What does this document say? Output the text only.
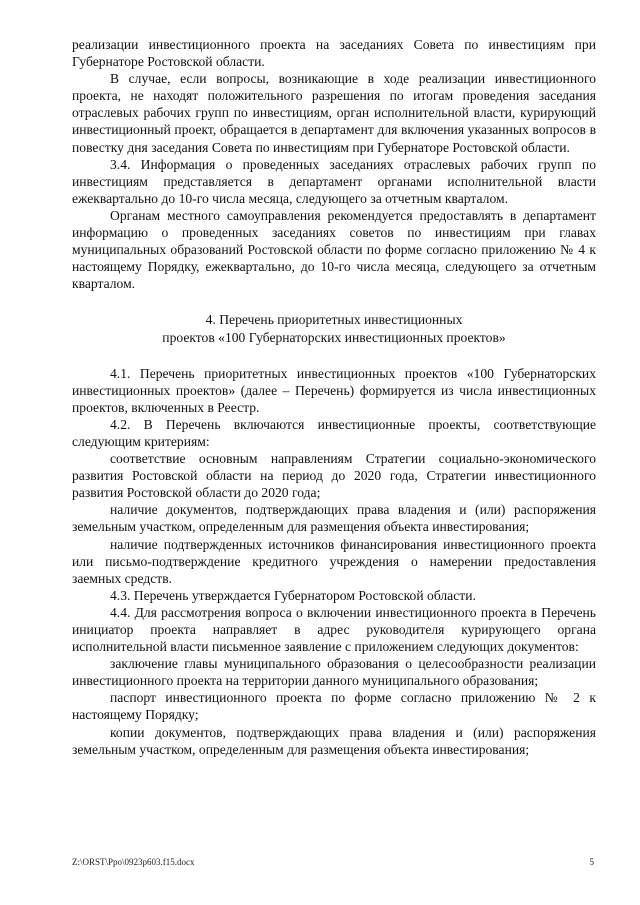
реализации инвестиционного проекта на заседаниях Совета по инвестициям при Губернаторе Ростовской области.

В случае, если вопросы, возникающие в ходе реализации инвестиционного проекта, не находят положительного разрешения по итогам проведения заседания отраслевых рабочих групп по инвестициям, орган исполнительной власти, курирующий инвестиционный проект, обращается в департамент для включения указанных вопросов в повестку дня заседания Совета по инвестициям при Губернаторе Ростовской области.

3.4. Информация о проведенных заседаниях отраслевых рабочих групп по инвестициям представляется в департамент органами исполнительной власти ежеквартально до 10-го числа месяца, следующего за отчетным кварталом.

Органам местного самоуправления рекомендуется предоставлять в департамент информацию о проведенных заседаниях советов по инвестициям при главах муниципальных образований Ростовской области по форме согласно приложению № 4 к настоящему Порядку, ежеквартально, до 10-го числа месяца, следующего за отчетным кварталом.

4. Перечень приоритетных инвестиционных
проектов «100 Губернаторских инвестиционных проектов»

4.1. Перечень приоритетных инвестиционных проектов «100 Губернаторских инвестиционных проектов» (далее – Перечень) формируется из числа инвестиционных проектов, включенных в Реестр.

4.2. В Перечень включаются инвестиционные проекты, соответствующие следующим критериям:

соответствие основным направлениям Стратегии социально-экономического развития Ростовской области на период до 2020 года, Стратегии инвестиционного развития Ростовской области до 2020 года;

наличие документов, подтверждающих права владения и (или) распоряжения земельным участком, определенным для размещения объекта инвестирования;

наличие подтвержденных источников финансирования инвестиционного проекта или письмо-подтверждение кредитного учреждения о намерении предоставления заемных средств.

4.3. Перечень утверждается Губернатором Ростовской области.

4.4. Для рассмотрения вопроса о включении инвестиционного проекта в Перечень инициатор проекта направляет в адрес руководителя курирующего органа исполнительной власти письменное заявление с приложением следующих документов:

заключение главы муниципального образования о целесообразности реализации инвестиционного проекта на территории данного муниципального образования;

паспорт инвестиционного проекта по форме согласно приложению № 2 к настоящему Порядку;

копии документов, подтверждающих права владения и (или) распоряжения земельным участком, определенным для размещения объекта инвестирования;

Z:\ORST\Ppo\0923p603.f15.docx	5
